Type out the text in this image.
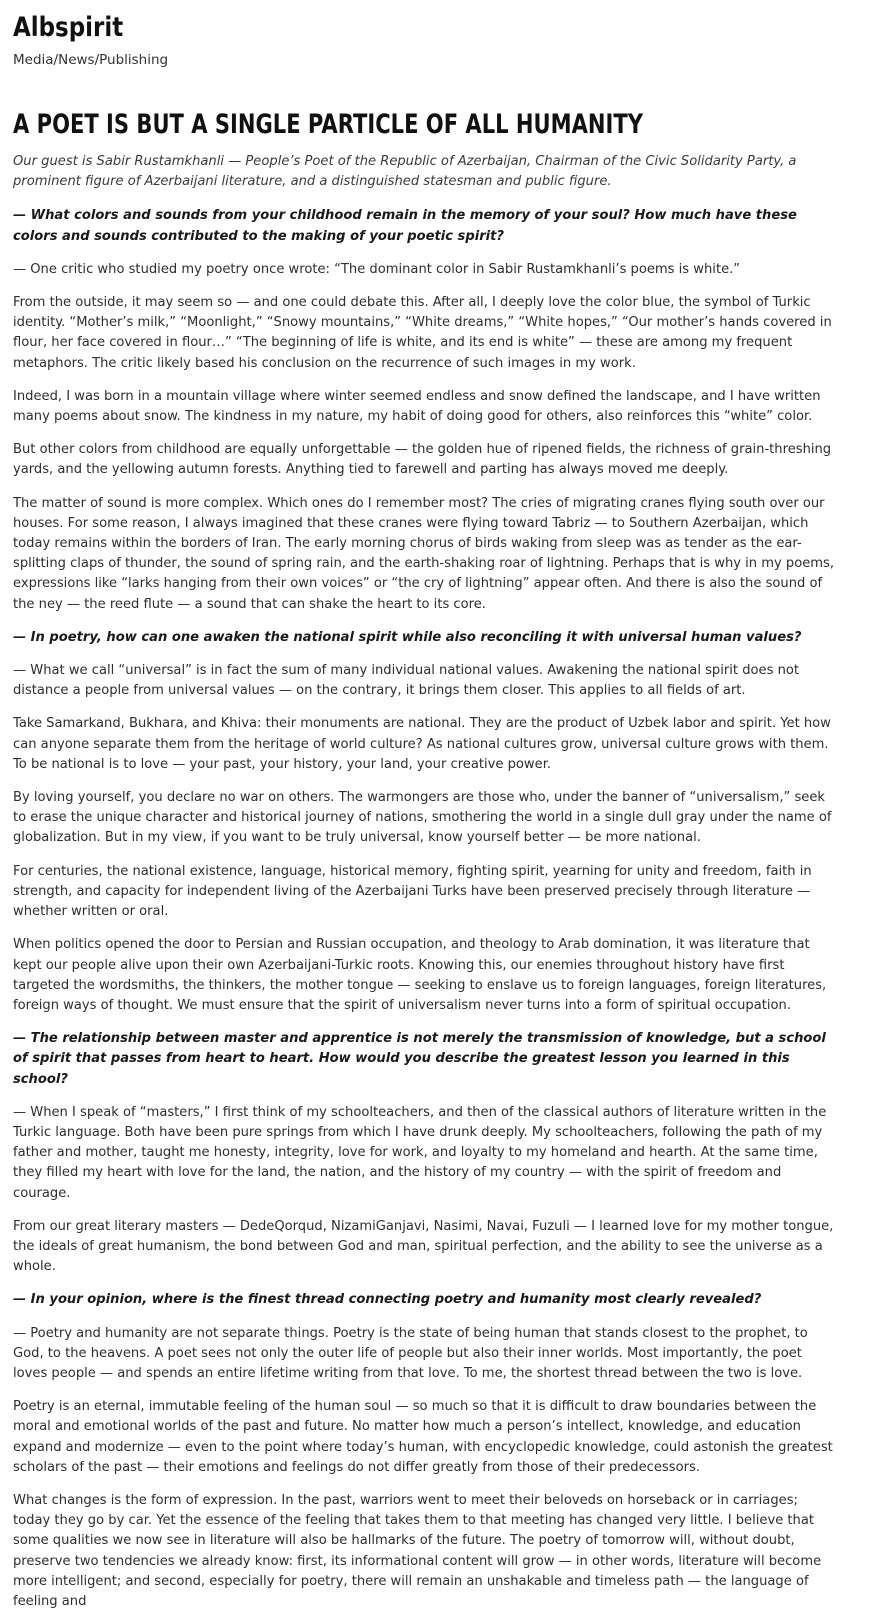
Albspirit
Media/News/Publishing
A POET IS BUT A SINGLE PARTICLE OF ALL HUMANITY

Our guest is Sabir Rustamkhanli — People’s Poet of the Republic of Azerbaijan, Chairman of the Civic Solidarity Party, a prominent figure of Azerbaijani literature, and a distinguished statesman and public figure.

— What colors and sounds from your childhood remain in the memory of your soul? How much have these colors and sounds contributed to the making of your poetic spirit?

— One critic who studied my poetry once wrote: “The dominant color in Sabir Rustamkhanli’s poems is white.”

From the outside, it may seem so — and one could debate this. After all, I deeply love the color blue, the symbol of Turkic identity. “Mother’s milk,” “Moonlight,” “Snowy mountains,” “White dreams,” “White hopes,” “Our mother’s hands covered in flour, her face covered in flour…” “The beginning of life is white, and its end is white” — these are among my frequent metaphors. The critic likely based his conclusion on the recurrence of such images in my work.

Indeed, I was born in a mountain village where winter seemed endless and snow defined the landscape, and I have written many poems about snow. The kindness in my nature, my habit of doing good for others, also reinforces this “white” color.

But other colors from childhood are equally unforgettable — the golden hue of ripened fields, the richness of grain-threshing yards, and the yellowing autumn forests. Anything tied to farewell and parting has always moved me deeply.

The matter of sound is more complex. Which ones do I remember most? The cries of migrating cranes flying south over our houses. For some reason, I always imagined that these cranes were flying toward Tabriz — to Southern Azerbaijan, which today remains within the borders of Iran. The early morning chorus of birds waking from sleep was as tender as the ear-splitting claps of thunder, the sound of spring rain, and the earth-shaking roar of lightning. Perhaps that is why in my poems, expressions like “larks hanging from their own voices” or “the cry of lightning” appear often. And there is also the sound of the ney — the reed flute — a sound that can shake the heart to its core.

— In poetry, how can one awaken the national spirit while also reconciling it with universal human values?

— What we call “universal” is in fact the sum of many individual national values. Awakening the national spirit does not distance a people from universal values — on the contrary, it brings them closer. This applies to all fields of art.

Take Samarkand, Bukhara, and Khiva: their monuments are national. They are the product of Uzbek labor and spirit. Yet how can anyone separate them from the heritage of world culture? As national cultures grow, universal culture grows with them. To be national is to love — your past, your history, your land, your creative power.

By loving yourself, you declare no war on others. The warmongers are those who, under the banner of “universalism,” seek to erase the unique character and historical journey of nations, smothering the world in a single dull gray under the name of globalization. But in my view, if you want to be truly universal, know yourself better — be more national.

For centuries, the national existence, language, historical memory, fighting spirit, yearning for unity and freedom, faith in strength, and capacity for independent living of the Azerbaijani Turks have been preserved precisely through literature — whether written or oral.

When politics opened the door to Persian and Russian occupation, and theology to Arab domination, it was literature that kept our people alive upon their own Azerbaijani-Turkic roots. Knowing this, our enemies throughout history have first targeted the wordsmiths, the thinkers, the mother tongue — seeking to enslave us to foreign languages, foreign literatures, foreign ways of thought. We must ensure that the spirit of universalism never turns into a form of spiritual occupation.

— The relationship between master and apprentice is not merely the transmission of knowledge, but a school of spirit that passes from heart to heart. How would you describe the greatest lesson you learned in this school?

— When I speak of “masters,” I first think of my schoolteachers, and then of the classical authors of literature written in the Turkic language. Both have been pure springs from which I have drunk deeply. My schoolteachers, following the path of my father and mother, taught me honesty, integrity, love for work, and loyalty to my homeland and hearth. At the same time, they filled my heart with love for the land, the nation, and the history of my country — with the spirit of freedom and courage.

From our great literary masters — DedeQorqud, NizamiGanjavi, Nasimi, Navai, Fuzuli — I learned love for my mother tongue, the ideals of great humanism, the bond between God and man, spiritual perfection, and the ability to see the universe as a whole.

— In your opinion, where is the finest thread connecting poetry and humanity most clearly revealed?

— Poetry and humanity are not separate things. Poetry is the state of being human that stands closest to the prophet, to God, to the heavens. A poet sees not only the outer life of people but also their inner worlds. Most importantly, the poet loves people — and spends an entire lifetime writing from that love. To me, the shortest thread between the two is love.

Poetry is an eternal, immutable feeling of the human soul — so much so that it is difficult to draw boundaries between the moral and emotional worlds of the past and future. No matter how much a person’s intellect, knowledge, and education expand and modernize — even to the point where today’s human, with encyclopedic knowledge, could astonish the greatest scholars of the past — their emotions and feelings do not differ greatly from those of their predecessors.

What changes is the form of expression. In the past, warriors went to meet their beloveds on horseback or in carriages; today they go by car. Yet the essence of the feeling that takes them to that meeting has changed very little. I believe that some qualities we now see in literature will also be hallmarks of the future. The poetry of tomorrow will, without doubt, preserve two tendencies we already know: first, its informational content will grow — in other words, literature will become more intelligent; and second, especially for poetry, there will remain an unshakable and timeless path — the language of feeling and
